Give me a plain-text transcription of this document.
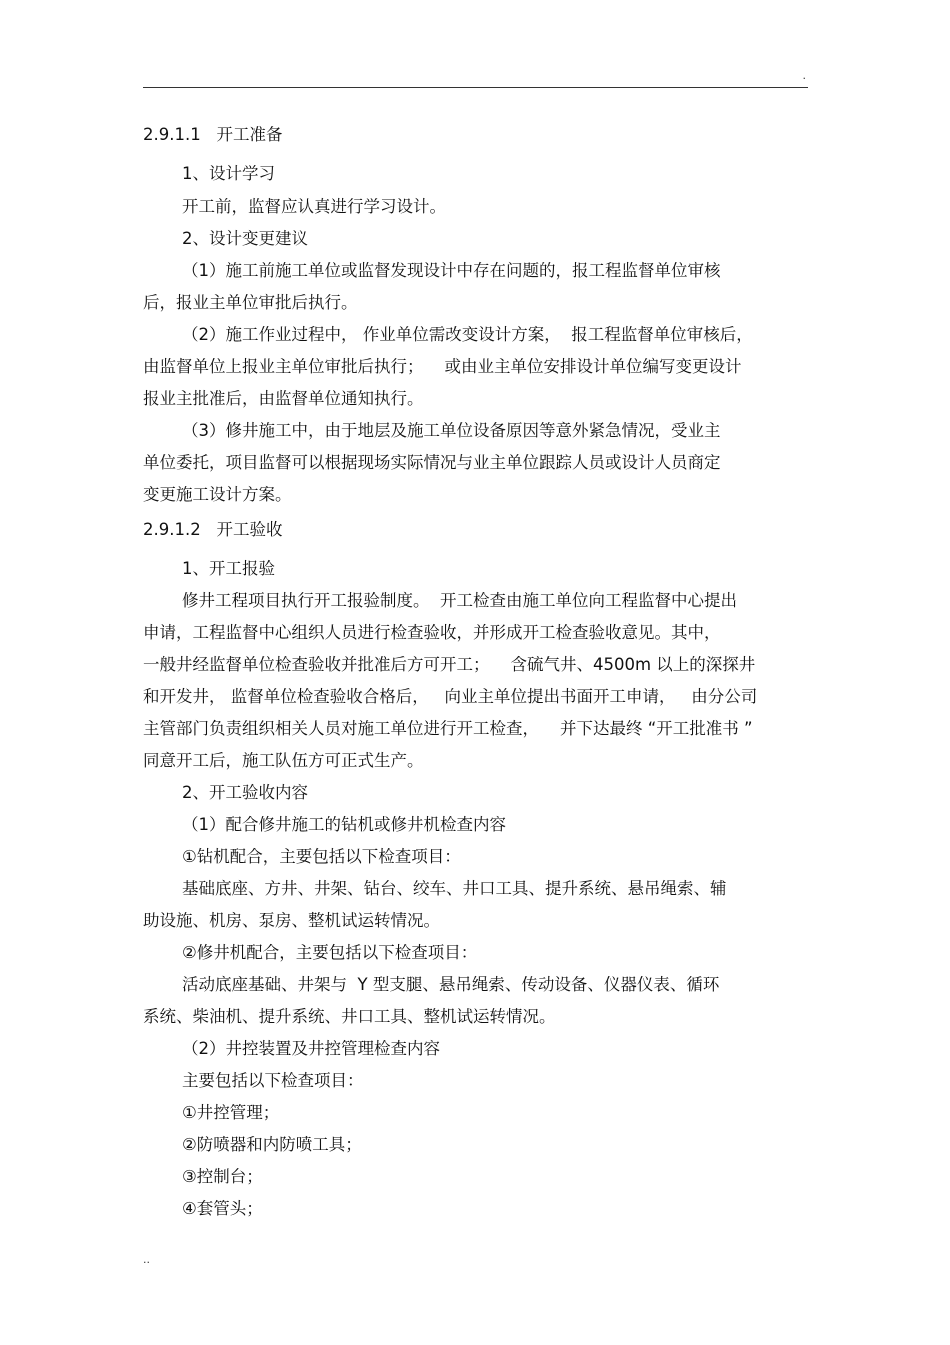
.
2.9.1.1   开工准备
1、设计学习
开工前，监督应认真进行学习设计。
2、设计变更建议
（1）施工前施工单位或监督发现设计中存在问题的，报工程监督单位审核
后，报业主单位审批后执行。
（2）施工作业过程中， 作业单位需改变设计方案，  报工程监督单位审核后，
由监督单位上报业主单位审批后执行；    或由业主单位安排设计单位编写变更设计
报业主批准后，由监督单位通知执行。
（3）修井施工中，由于地层及施工单位设备原因等意外紧急情况，受业主
单位委托，项目监督可以根据现场实际情况与业主单位跟踪人员或设计人员商定
变更施工设计方案。
2.9.1.2   开工验收
1、开工报验
修井工程项目执行开工报验制度。  开工检查由施工单位向工程监督中心提出
申请，工程监督中心组织人员进行检查验收，并形成开工检查验收意见。其中，
一般井经监督单位检查验收并批准后方可开工；    含硫气井、4500m 以上的深探井
和开发井， 监督单位检查验收合格后，   向业主单位提出书面开工申请，   由分公司
主管部门负责组织相关人员对施工单位进行开工检查，    并下达最终 “开工批准书 ”
同意开工后，施工队伍方可正式生产。
2、开工验收内容
（1）配合修井施工的钻机或修井机检查内容
①钻机配合，主要包括以下检查项目：
基础底座、方井、井架、钻台、绞车、井口工具、提升系统、悬吊绳索、辅
助设施、机房、泵房、整机试运转情况。
②修井机配合，主要包括以下检查项目：
活动底座基础、井架与  Y 型支腿、悬吊绳索、传动设备、仪器仪表、循环
系统、柴油机、提升系统、井口工具、整机试运转情况。
（2）井控装置及井控管理检查内容
主要包括以下检查项目：
①井控管理；
②防喷器和内防喷工具；
③控制台；
④套管头；
..
